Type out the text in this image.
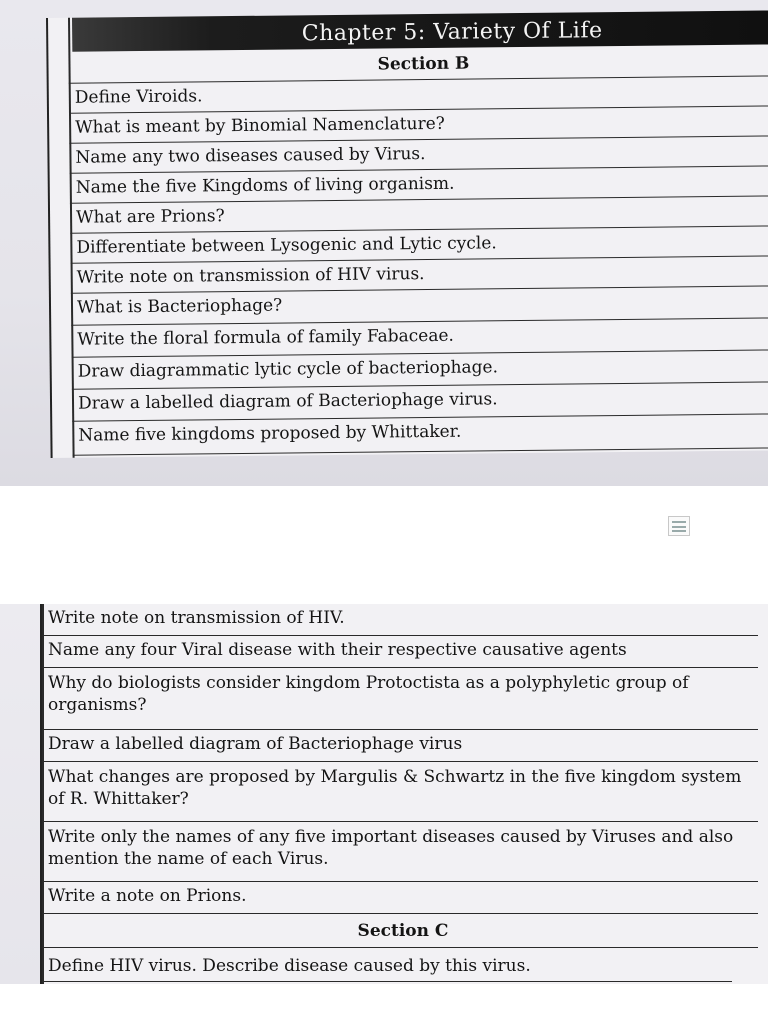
Chapter 5: Variety Of Life
Section B
Define Viroids.
What is meant by Binomial Namenclature?
Name any two diseases caused by Virus.
Name the five Kingdoms of living organism.
What are Prions?
Differentiate between Lysogenic and Lytic cycle.
Write note on transmission of HIV virus.
What is Bacteriophage?
Write the floral formula of family Fabaceae.
Draw diagrammatic lytic cycle of bacteriophage.
Draw a labelled diagram of Bacteriophage virus.
Name five kingdoms proposed by Whittaker.
Write note on transmission of HIV.
Name any four Viral disease with their respective causative agents
Why do biologists consider kingdom Protoctista as a polyphyletic group of organisms?
Draw a labelled diagram of Bacteriophage virus
What changes are proposed by Margulis & Schwartz in the five kingdom system of R. Whittaker?
Write only the names of any five important diseases caused by Viruses and also mention the name of each Virus.
Write a note on Prions.
Section C
Define HIV virus. Describe disease caused by this virus.
